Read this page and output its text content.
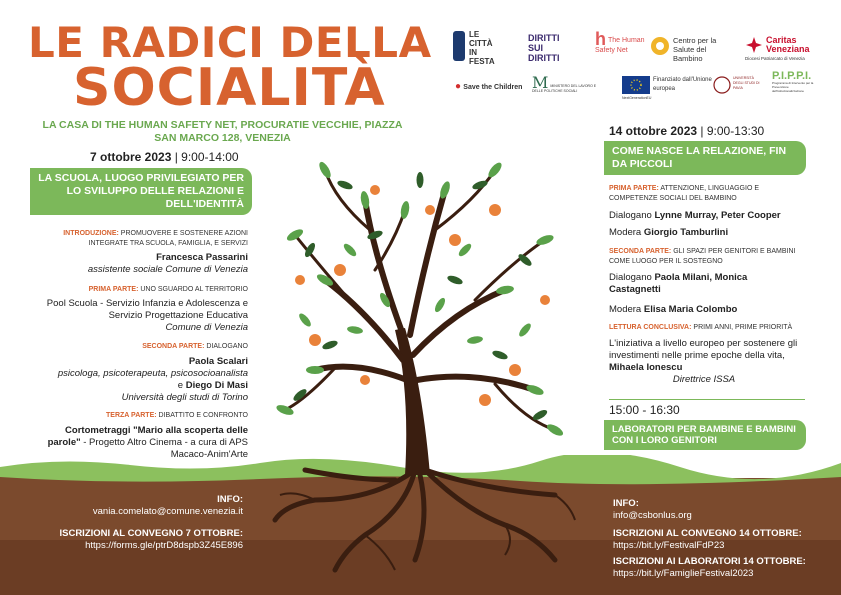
LE RADICI DELLA
SOCIALITÀ
LA CASA DI THE HUMAN SAFETY NET, PROCURATIE VECCHIE, PIAZZA SAN MARCO 128, VENEZIA
LE CITTÀ IN FESTA
DIRITTI SUI DIRITTI
h The Human Safety Net
Centro per la Salute del Bambino
Caritas Veneziana
Diocesi Patriarcato di Venezia
● Save the Children M MINISTERO DEL LAVORO E DELLE POLITICHE SOCIALI
Finanziato dall'Unione europea
NextGenerationEU
UNIVERSITÀ DEGLI STUDI DI PAVIA
P.I.P.P.I.
Programma di Intervento per la Prevenzione dell'Istituzionalizzazione
7 ottobre 2023 | 9:00-14:00
LA SCUOLA, LUOGO PRIVILEGIATO PER LO SVILUPPO DELLE RELAZIONI E DELL'IDENTITÀ
INTRODUZIONE: PROMUOVERE E SOSTENERE AZIONI INTEGRATE TRA SCUOLA, FAMIGLIA, E SERVIZI
Francesca Passarini
assistente sociale Comune di Venezia
PRIMA PARTE: UNO SGUARDO AL TERRITORIO
Pool Scuola - Servizio Infanzia e Adolescenza e Servizio Progettazione Educativa
Comune di Venezia
SECONDA PARTE: DIALOGANO
Paola Scalari
psicologa, psicoterapeuta, psicosocioanalista
e Diego Di Masi
Università degli studi di Torino
TERZA PARTE: DIBATTITO E CONFRONTO
Cortometraggi "Mario alla scoperta delle parole" - Progetto Altro Cinema - a cura di APS Macaco-Anim'Arte
14 ottobre 2023 | 9:00-13:30
COME NASCE LA RELAZIONE, FIN DA PICCOLI
PRIMA PARTE: ATTENZIONE, LINGUAGGIO E COMPETENZE SOCIALI DEL BAMBINO
Dialogano Lynne Murray, Peter Cooper
Modera Giorgio Tamburlini
SECONDA PARTE: GLI SPAZI PER GENITORI E BAMBINI COME LUOGO PER IL SOSTEGNO
Dialogano Paola Milani, Monica Castagnetti
Modera Elisa Maria Colombo
LETTURA CONCLUSIVA: PRIMI ANNI, PRIME PRIORITÀ
L'iniziativa a livello europeo per sostenere gli investimenti nelle prime epoche della vita, Mihaela Ionescu

Direttrice ISSA
15:00 - 16:30
LABORATORI PER BAMBINE E BAMBINI CON I LORO GENITORI
INFO:
vania.comelato@comune.venezia.it
ISCRIZIONI AL CONVEGNO 7 OTTOBRE:
https://forms.gle/ptrD8dspb3Z45E896
INFO:
info@csbonlus.org
ISCRIZIONI AL CONVEGNO 14 OTTOBRE:
https://bit.ly/FestivalFdP23
ISCRIZIONI AI LABORATORI 14 OTTOBRE:
https://bit.ly/FamiglieFestival2023
